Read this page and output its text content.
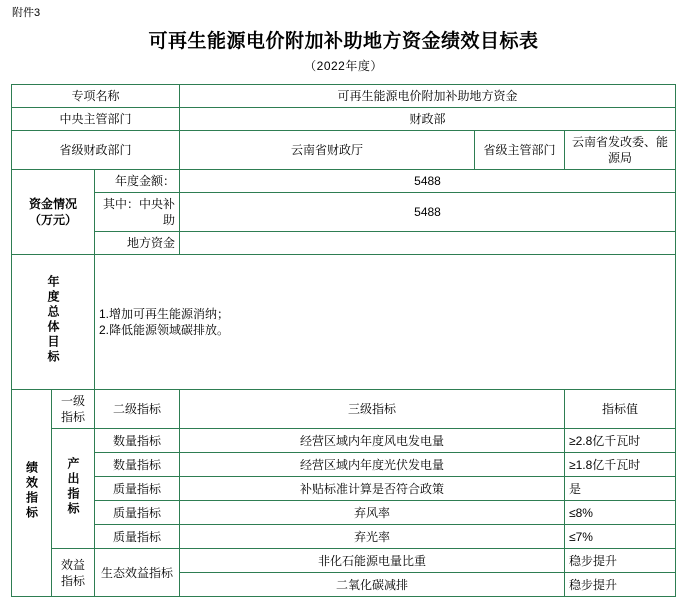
附件3
可再生能源电价附加补助地方资金绩效目标表
（2022年度）
专项名称			可再生能源电价附加补助地方资金		
中央主管部门			财政部		
省级财政部门			云南省财政厅	省级主管部门	云南省发改委、能源局

资金情况
（万元）		年度金额：	5488		
		其中：中央补助	5488		
		地方资金			
年度总体目标		1.增加可再生能源消纳；
2.降低能源领域碳排放。			

绩效指标	一级指标	二级指标	三级指标		指标值
	产出指标	数量指标	经营区域内年度风电发电量		≥2.8亿千瓦时
		数量指标	经营区域内年度光伏发电量		≥1.8亿千瓦时
		质量指标	补贴标准计算是否符合政策		是
		质量指标	弃风率		≤8%
		质量指标	弃光率		≤7%
	效益指标	生态效益指标	非化石能源电量比重		稳步提升
			二氧化碳减排		稳步提升
